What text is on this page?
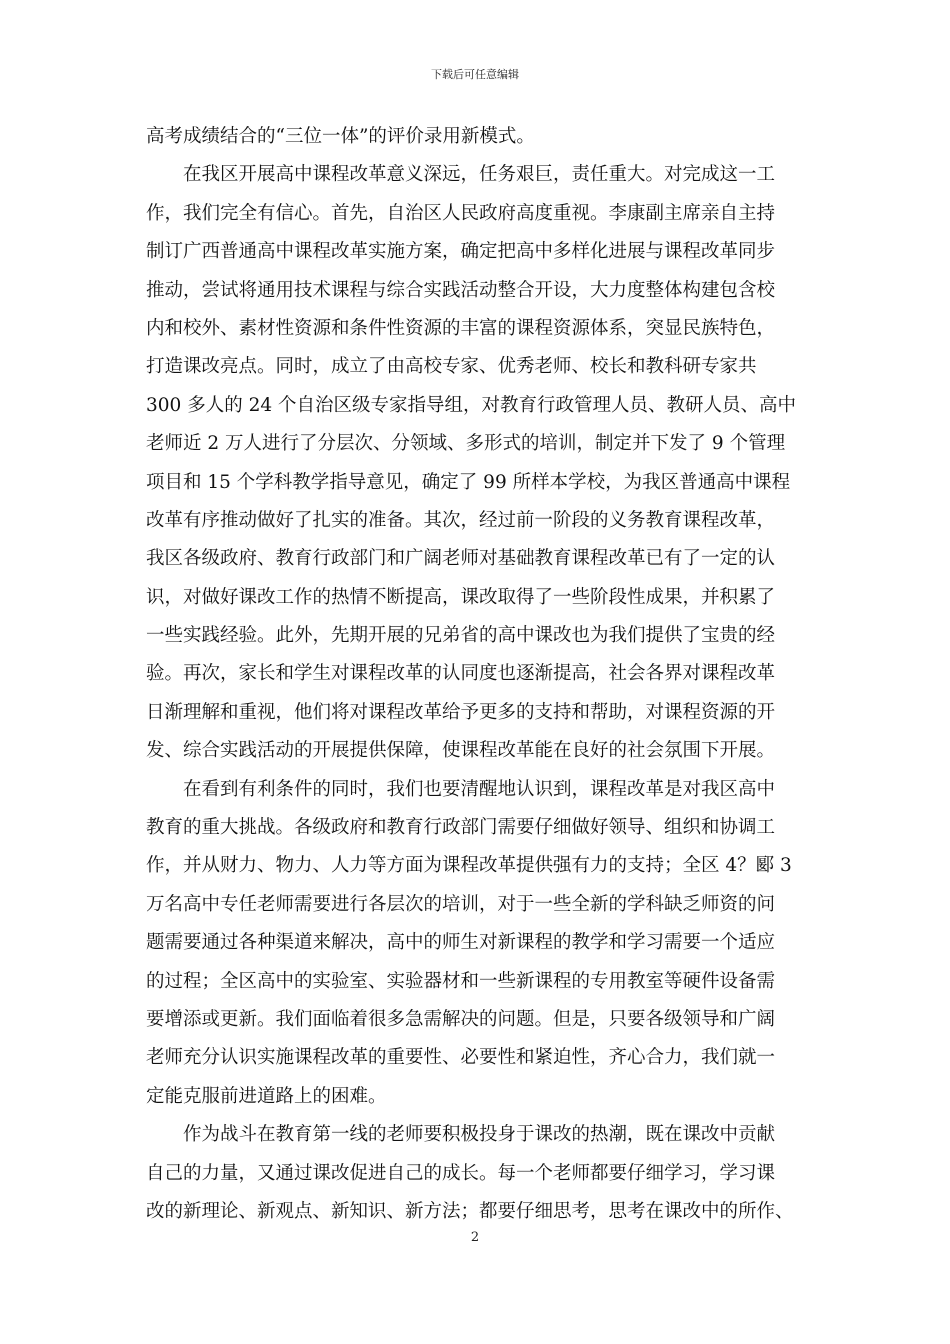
下载后可任意编辑
高考成绩结合的“三位一体”的评价录用新模式。
在我区开展高中课程改革意义深远，任务艰巨，责任重大。对完成这一工
作，我们完全有信心。首先，自治区人民政府高度重视。李康副主席亲自主持
制订广西普通高中课程改革实施方案，确定把高中多样化进展与课程改革同步
推动，尝试将通用技术课程与综合实践活动整合开设，大力度整体构建包含校
内和校外、素材性资源和条件性资源的丰富的课程资源体系，突显民族特色，
打造课改亮点。同时，成立了由高校专家、优秀老师、校长和教科研专家共
300 多人的 24 个自治区级专家指导组，对教育行政管理人员、教研人员、高中
老师近 2 万人进行了分层次、分领域、多形式的培训，制定并下发了 9 个管理
项目和 15 个学科教学指导意见，确定了 99 所样本学校，为我区普通高中课程
改革有序推动做好了扎实的准备。其次，经过前一阶段的义务教育课程改革，
我区各级政府、教育行政部门和广阔老师对基础教育课程改革已有了一定的认
识，对做好课改工作的热情不断提高，课改取得了一些阶段性成果，并积累了
一些实践经验。此外，先期开展的兄弟省的高中课改也为我们提供了宝贵的经
验。再次，家长和学生对课程改革的认同度也逐渐提高，社会各界对课程改革
日渐理解和重视，他们将对课程改革给予更多的支持和帮助，对课程资源的开
发、综合实践活动的开展提供保障，使课程改革能在良好的社会氛围下开展。
在看到有利条件的同时，我们也要清醒地认识到，课程改革是对我区高中
教育的重大挑战。各级政府和教育行政部门需要仔细做好领导、组织和协调工
作，并从财力、物力、人力等方面为课程改革提供强有力的支持；全区 4？郾 3
万名高中专任老师需要进行各层次的培训，对于一些全新的学科缺乏师资的问
题需要通过各种渠道来解决，高中的师生对新课程的教学和学习需要一个适应
的过程；全区高中的实验室、实验器材和一些新课程的专用教室等硬件设备需
要增添或更新。我们面临着很多急需解决的问题。但是，只要各级领导和广阔
老师充分认识实施课程改革的重要性、必要性和紧迫性，齐心合力，我们就一
定能克服前进道路上的困难。
作为战斗在教育第一线的老师要积极投身于课改的热潮，既在课改中贡献
自己的力量，又通过课改促进自己的成长。每一个老师都要仔细学习，学习课
改的新理论、新观点、新知识、新方法；都要仔细思考，思考在课改中的所作、
2
